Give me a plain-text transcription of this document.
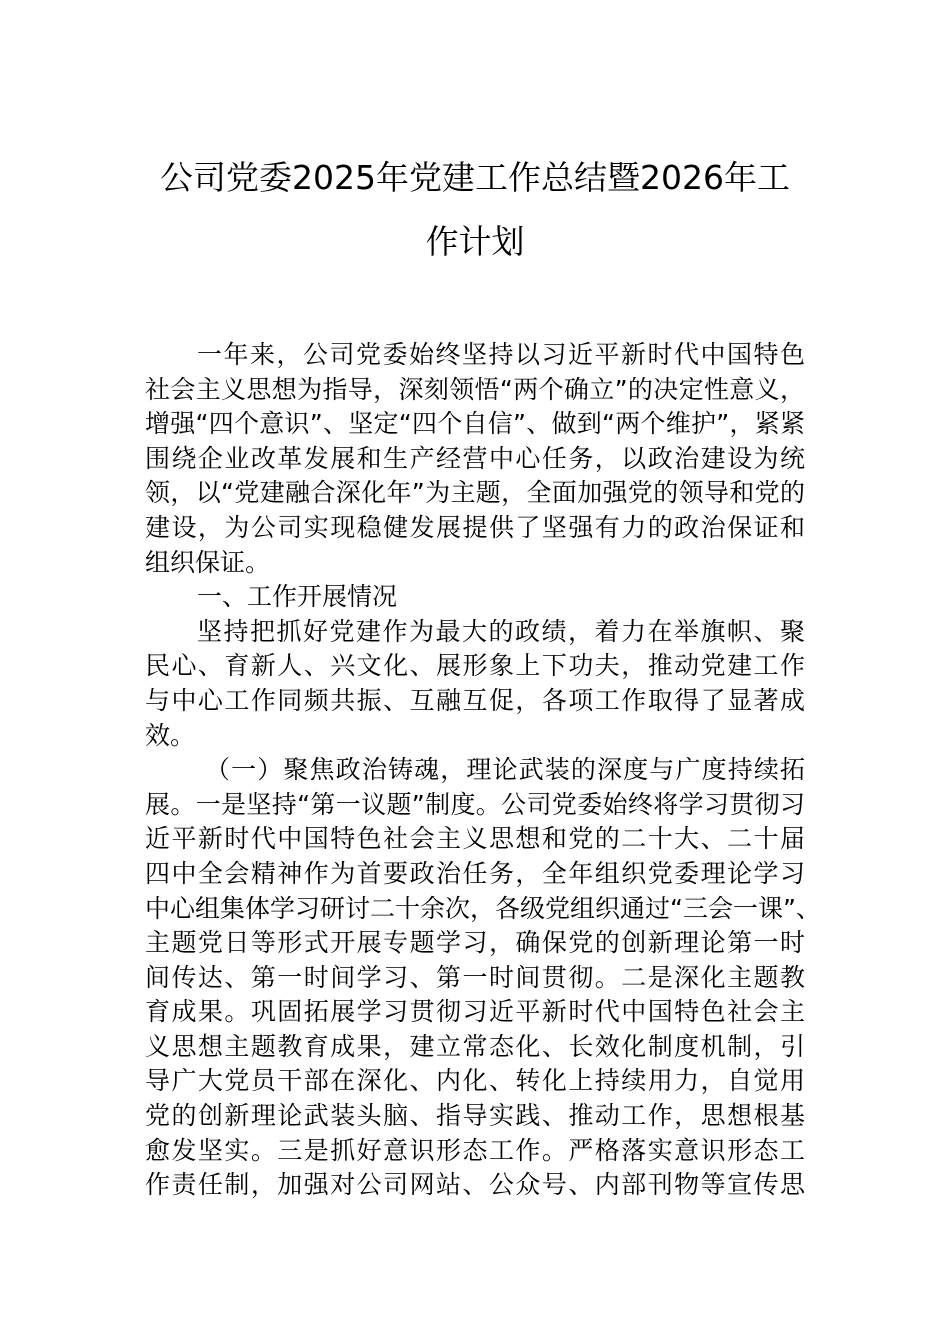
公司党委2025年党建工作总结暨2026年工
作计划
一年来，公司党委始终坚持以习近平新时代中国特色
社会主义思想为指导，深刻领悟“两个确立”的决定性意义，
增强“四个意识”、坚定“四个自信”、做到“两个维护”，紧紧
围绕企业改革发展和生产经营中心任务，以政治建设为统
领，以“党建融合深化年”为主题，全面加强党的领导和党的
建设，为公司实现稳健发展提供了坚强有力的政治保证和
组织保证。
一、工作开展情况
坚持把抓好党建作为最大的政绩，着力在举旗帜、聚
民心、育新人、兴文化、展形象上下功夫，推动党建工作
与中心工作同频共振、互融互促，各项工作取得了显著成
效。
（一）聚焦政治铸魂，理论武装的深度与广度持续拓
展。一是坚持“第一议题”制度。公司党委始终将学习贯彻习
近平新时代中国特色社会主义思想和党的二十大、二十届
四中全会精神作为首要政治任务，全年组织党委理论学习
中心组集体学习研讨二十余次，各级党组织通过“三会一课”、
主题党日等形式开展专题学习，确保党的创新理论第一时
间传达、第一时间学习、第一时间贯彻。二是深化主题教
育成果。巩固拓展学习贯彻习近平新时代中国特色社会主
义思想主题教育成果，建立常态化、长效化制度机制，引
导广大党员干部在深化、内化、转化上持续用力，自觉用
党的创新理论武装头脑、指导实践、推动工作，思想根基
愈发坚实。三是抓好意识形态工作。严格落实意识形态工
作责任制，加强对公司网站、公众号、内部刊物等宣传思
